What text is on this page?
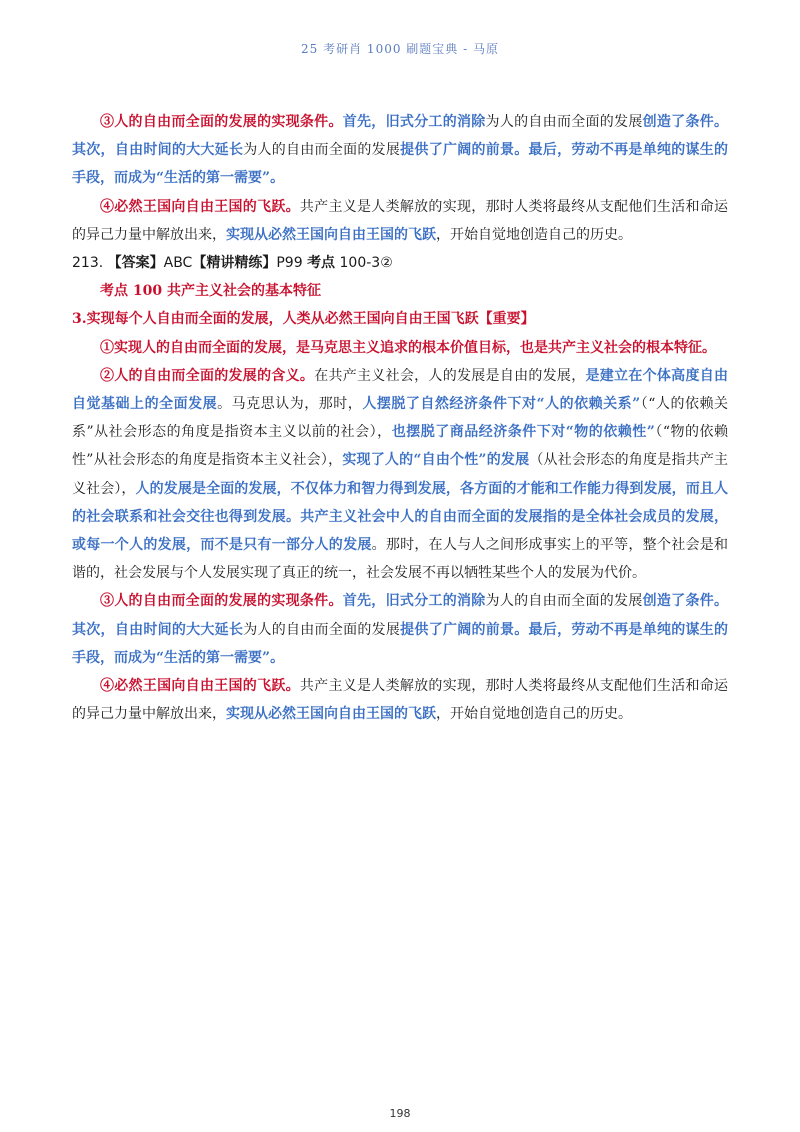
25 考研肖 1000 刷题宝典 - 马原

③人的自由而全面的发展的实现条件。首先，旧式分工的消除为人的自由而全面的发展创造了条件。其次，自由时间的大大延长为人的自由而全面的发展提供了广阔的前景。最后，劳动不再是单纯的谋生的手段，而成为“生活的第一需要”。

④必然王国向自由王国的飞跃。共产主义是人类解放的实现，那时人类将最终从支配他们生活和命运的异己力量中解放出来，实现从必然王国向自由王国的飞跃，开始自觉地创造自己的历史。

213. 【答案】ABC【精讲精练】P99 考点 100-3②

考点 100 共产主义社会的基本特征

3.实现每个人自由而全面的发展，人类从必然王国向自由王国飞跃【重要】

①实现人的自由而全面的发展，是马克思主义追求的根本价值目标，也是共产主义社会的根本特征。

②人的自由而全面的发展的含义。在共产主义社会，人的发展是自由的发展，是建立在个体高度自由自觉基础上的全面发展。马克思认为，那时，人摆脱了自然经济条件下对“人的依赖关系”（“人的依赖关系”从社会形态的角度是指资本主义以前的社会），也摆脱了商品经济条件下对“物的依赖性”（“物的依赖性”从社会形态的角度是指资本主义社会），实现了人的“自由个性”的发展（从社会形态的角度是指共产主义社会），人的发展是全面的发展，不仅体力和智力得到发展，各方面的才能和工作能力得到发展，而且人的社会联系和社会交往也得到发展。共产主义社会中人的自由而全面的发展指的是全体社会成员的发展，或每一个人的发展，而不是只有一部分人的发展。那时，在人与人之间形成事实上的平等，整个社会是和谐的，社会发展与个人发展实现了真正的统一，社会发展不再以牺牲某些个人的发展为代价。

③人的自由而全面的发展的实现条件。首先，旧式分工的消除为人的自由而全面的发展创造了条件。其次，自由时间的大大延长为人的自由而全面的发展提供了广阔的前景。最后，劳动不再是单纯的谋生的手段，而成为“生活的第一需要”。

④必然王国向自由王国的飞跃。共产主义是人类解放的实现，那时人类将最终从支配他们生活和命运的异己力量中解放出来，实现从必然王国向自由王国的飞跃，开始自觉地创造自己的历史。

198
